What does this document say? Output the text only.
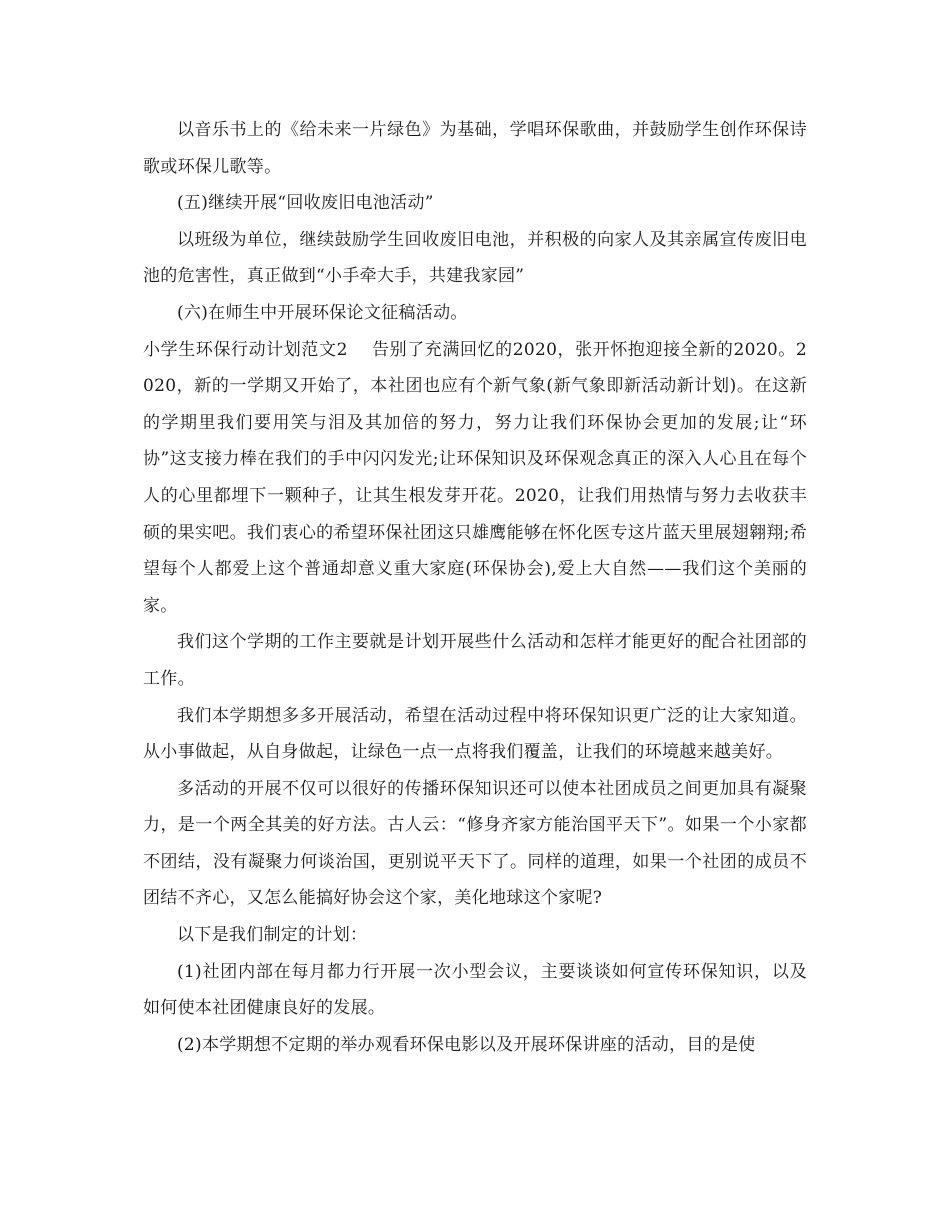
以音乐书上的《给未来一片绿色》为基础，学唱环保歌曲，并鼓励学生创作环保诗歌或环保儿歌等。

(五)继续开展“回收废旧电池活动”

以班级为单位，继续鼓励学生回收废旧电池，并积极的向家人及其亲属宣传废旧电池的危害性，真正做到“小手牵大手，共建我家园”

(六)在师生中开展环保论文征稿活动。

小学生环保行动计划范文2 告别了充满回忆的2020，张开怀抱迎接全新的2020。2020，新的一学期又开始了，本社团也应有个新气象(新气象即新活动新计划)。在这新的学期里我们要用笑与泪及其加倍的努力，努力让我们环保协会更加的发展;让“环协”这支接力棒在我们的手中闪闪发光;让环保知识及环保观念真正的深入人心且在每个人的心里都埋下一颗种子，让其生根发芽开花。2020，让我们用热情与努力去收获丰硕的果实吧。我们衷心的希望环保社团这只雄鹰能够在怀化医专这片蓝天里展翅翱翔;希望每个人都爱上这个普通却意义重大家庭(环保协会),爱上大自然——我们这个美丽的家。

我们这个学期的工作主要就是计划开展些什么活动和怎样才能更好的配合社团部的工作。

我们本学期想多多开展活动，希望在活动过程中将环保知识更广泛的让大家知道。从小事做起，从自身做起，让绿色一点一点将我们覆盖，让我们的环境越来越美好。

多活动的开展不仅可以很好的传播环保知识还可以使本社团成员之间更加具有凝聚力，是一个两全其美的好方法。古人云：“修身齐家方能治国平天下”。如果一个小家都不团结，没有凝聚力何谈治国，更别说平天下了。同样的道理，如果一个社团的成员不团结不齐心，又怎么能搞好协会这个家，美化地球这个家呢?

以下是我们制定的计划：

(1)社团内部在每月都力行开展一次小型会议，主要谈谈如何宣传环保知识，以及如何使本社团健康良好的发展。

(2)本学期想不定期的举办观看环保电影以及开展环保讲座的活动，目的是使
